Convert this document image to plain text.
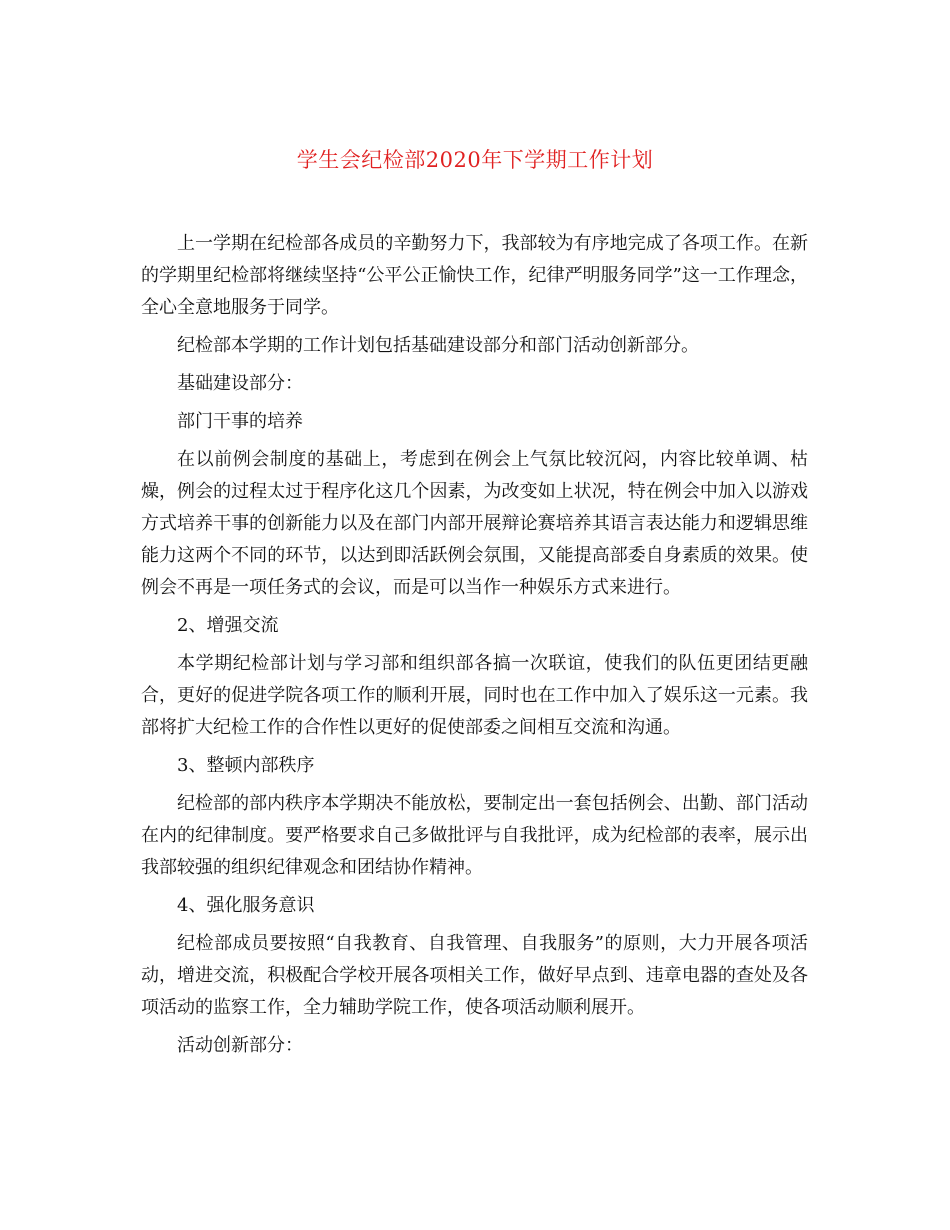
学生会纪检部2020年下学期工作计划

上一学期在纪检部各成员的辛勤努力下，我部较为有序地完成了各项工作。在新的学期里纪检部将继续坚持“公平公正愉快工作，纪律严明服务同学”这一工作理念，全心全意地服务于同学。

纪检部本学期的工作计划包括基础建设部分和部门活动创新部分。

基础建设部分：

部门干事的培养

在以前例会制度的基础上，考虑到在例会上气氛比较沉闷，内容比较单调、枯燥，例会的过程太过于程序化这几个因素，为改变如上状况，特在例会中加入以游戏方式培养干事的创新能力以及在部门内部开展辩论赛培养其语言表达能力和逻辑思维能力这两个不同的环节，以达到即活跃例会氛围，又能提高部委自身素质的效果。使例会不再是一项任务式的会议，而是可以当作一种娱乐方式来进行。

2、增强交流

本学期纪检部计划与学习部和组织部各搞一次联谊，使我们的队伍更团结更融合，更好的促进学院各项工作的顺利开展，同时也在工作中加入了娱乐这一元素。我部将扩大纪检工作的合作性以更好的促使部委之间相互交流和沟通。

3、整顿内部秩序

纪检部的部内秩序本学期决不能放松，要制定出一套包括例会、出勤、部门活动在内的纪律制度。要严格要求自己多做批评与自我批评，成为纪检部的表率，展示出我部较强的组织纪律观念和团结协作精神。

4、强化服务意识

纪检部成员要按照“自我教育、自我管理、自我服务”的原则，大力开展各项活动，增进交流，积极配合学校开展各项相关工作，做好早点到、违章电器的查处及各项活动的监察工作，全力辅助学院工作，使各项活动顺利展开。

活动创新部分：
